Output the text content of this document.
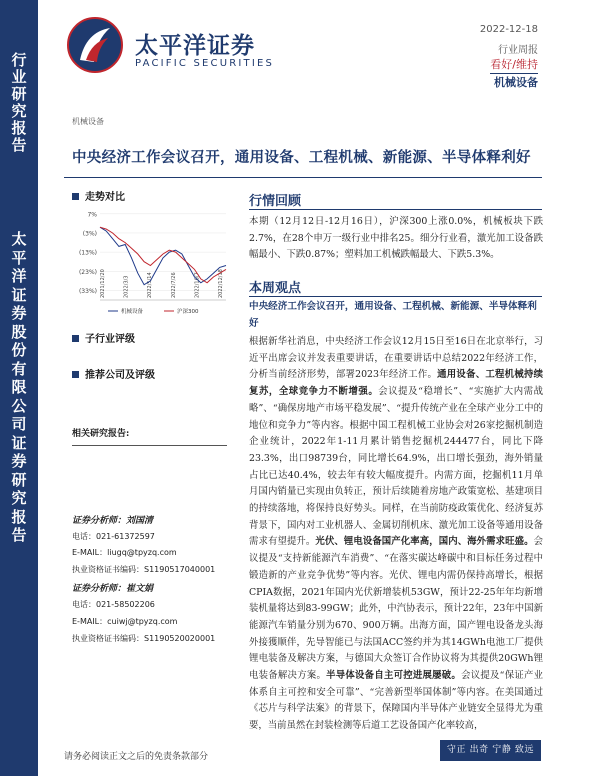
行业研究报告
太平洋证券股份有限公司证券研究报告
太平洋证券
PACIFIC SECURITIES
2022-12-18
行业周报
看好/维持
机械设备
机械设备
中央经济工作会议召开，通用设备、工程机械、新能源、半导体释利好
走势对比
7%
(3%)
(13%)
(23%)
(33%) 2021/12/20	2022/3/3	2022/5/14	2022/7/26	2022/10/7	2022/12/18
机械设备	沪深300
子行业评级
推荐公司及评级
相关研究报告:
证券分析师：刘国清
电话：021-61372597
E-MAIL：liugq@tpyzq.com
执业资格证书编码：S1190517040001
证券分析师：崔文娟
电话：021-58502206
E-MAIL：cuiwj@tpyzq.com
执业资格证书编码：S1190520020001
行情回顾
本期（12月12日-12月16日），沪深300上涨0.0%，机械板块下跌2.7%，在28个申万一级行业中排名25。细分行业看，激光加工设备跌幅最小、下跌0.87%；塑料加工机械跌幅最大、下跌5.3%。
本周观点
中央经济工作会议召开，通用设备、工程机械、新能源、半导体释利好
根据新华社消息，中央经济工作会议12月15日至16日在北京举行，习近平出席会议并发表重要讲话，在重要讲话中总结2022年经济工作，分析当前经济形势，部署2023年经济工作。通用设备、工程机械持续复苏，全球竞争力不断增强。会议提及“稳增长”、“实施扩大内需战略”、“确保房地产市场平稳发展”、“提升传统产业在全球产业分工中的地位和竞争力”等内容。根据中国工程机械工业协会对26家挖掘机制造企业统计，2022年1-11月累计销售挖掘机244477台，同比下降23.3%，出口98739台，同比增长64.9%，出口增长强劲，海外销量占比已达40.4%，较去年有较大幅度提升。内需方面，挖掘机11月单月国内销量已实现由负转正，预计后续随着房地产政策宽松、基建项目的持续落地，将保持良好势头。同样，在当前防疫政策优化、经济复苏背景下，国内对工业机器人、金属切削机床、激光加工设备等通用设备需求有望提升。光伏、锂电设备国产化率高，国内、海外需求旺盛。会议提及“支持新能源汽车消费”、“在落实碳达峰碳中和目标任务过程中锻造新的产业竞争优势”等内容。光伏、锂电内需仍保持高增长，根据CPIA数据，2021年国内光伏新增装机53GW，预计22-25年年均新增装机量将达到83-99GW；此外，中汽协表示，预计22年，23年中国新能源汽车销量分别为670、900万辆。出海方面，国产锂电设备龙头海外接獲顺伴，先导智能已与法国ACC签约并为其14GWh电池工厂提供锂电装备及解决方案，与德国大众签订合作协议将为其提供20GWh锂电装备解决方案。半导体设备自主可控进展屡破。会议提及“保证产业体系自主可控和安全可靠”、“完善新型举国体制”等内容。在美国通过《芯片与科学法案》的背景下，保障国内半导体产业链安全显得尤为重要，当前虽然在封装检测等后道工艺设备国产化率较高，
请务必阅读正文之后的免责条款部分
守正 出奇 宁静 致远
